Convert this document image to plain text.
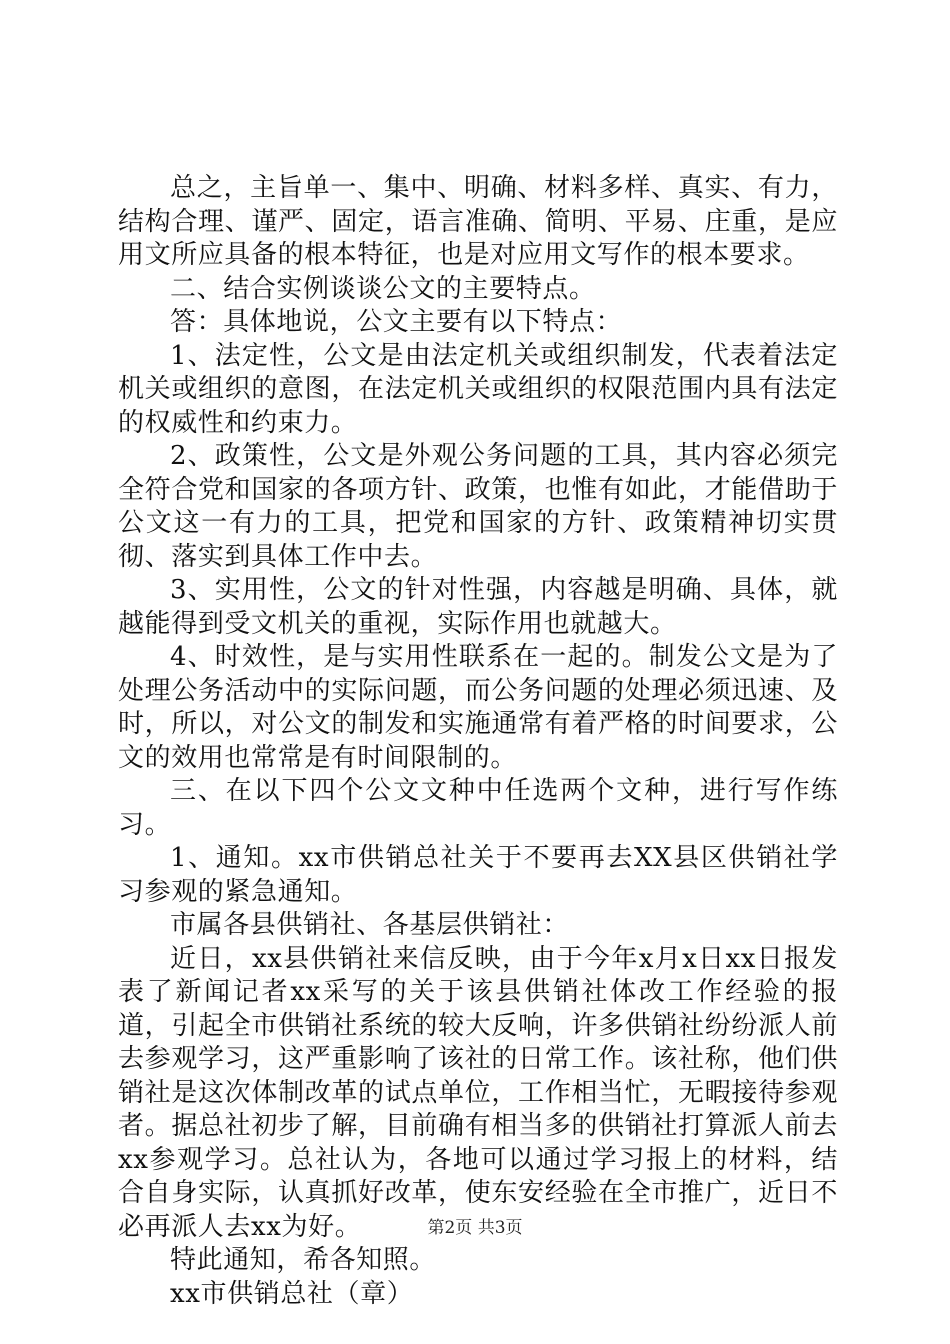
总之，主旨单一、集中、明确、材料多样、真实、有力，结构合理、谨严、固定，语言准确、简明、平易、庄重，是应用文所应具备的根本特征，也是对应用文写作的根本要求。

二、结合实例谈谈公文的主要特点。

答：具体地说，公文主要有以下特点：

1、法定性，公文是由法定机关或组织制发，代表着法定机关或组织的意图，在法定机关或组织的权限范围内具有法定的权威性和约束力。

2、政策性，公文是外观公务问题的工具，其内容必须完全符合党和国家的各项方针、政策，也惟有如此，才能借助于公文这一有力的工具，把党和国家的方针、政策精神切实贯彻、落实到具体工作中去。

3、实用性，公文的针对性强，内容越是明确、具体，就越能得到受文机关的重视，实际作用也就越大。

4、时效性，是与实用性联系在一起的。制发公文是为了处理公务活动中的实际问题，而公务问题的处理必须迅速、及时，所以，对公文的制发和实施通常有着严格的时间要求，公文的效用也常常是有时间限制的。

三、在以下四个公文文种中任选两个文种，进行写作练习。

1、通知。xx市供销总社关于不要再去XX县区供销社学习参观的紧急通知。

市属各县供销社、各基层供销社：

近日，xx县供销社来信反映，由于今年x月x日xx日报发表了新闻记者xx采写的关于该县供销社体改工作经验的报道，引起全市供销社系统的较大反响，许多供销社纷纷派人前去参观学习，这严重影响了该社的日常工作。该社称，他们供销社是这次体制改革的试点单位，工作相当忙，无暇接待参观者。据总社初步了解，目前确有相当多的供销社打算派人前去xx参观学习。总社认为，各地可以通过学习报上的材料，结合自身实际，认真抓好改革，使东安经验在全市推广，近日不必再派人去xx为好。

特此通知，希各知照。

xx市供销总社（章）

第2页 共3页
